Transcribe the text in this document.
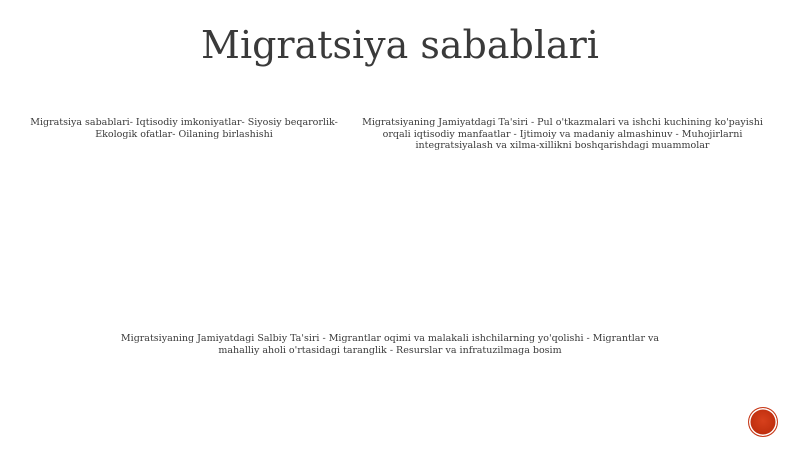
Migratsiya sabablari

Migratsiya sabablari- Iqtisodiy imkoniyatlar- Siyosiy beqarorlik- Ekologik ofatlar- Oilaning birlashishi

Migratsiyaning Jamiyatdagi Ta'siri - Pul o'tkazmalari va ishchi kuchining ko'payishi orqali iqtisodiy manfaatlar - Ijtimoiy va madaniy almashinuv - Muhojirlarni integratsiyalash va xilma-xillikni boshqarishdagi muammolar

Migratsiyaning Jamiyatdagi Salbiy Ta'siri - Migrantlar oqimi va malakali ishchilarning yo'qolishi - Migrantlar va mahalliy aholi o'rtasidagi taranglik - Resurslar va infratuzilmaga bosim
